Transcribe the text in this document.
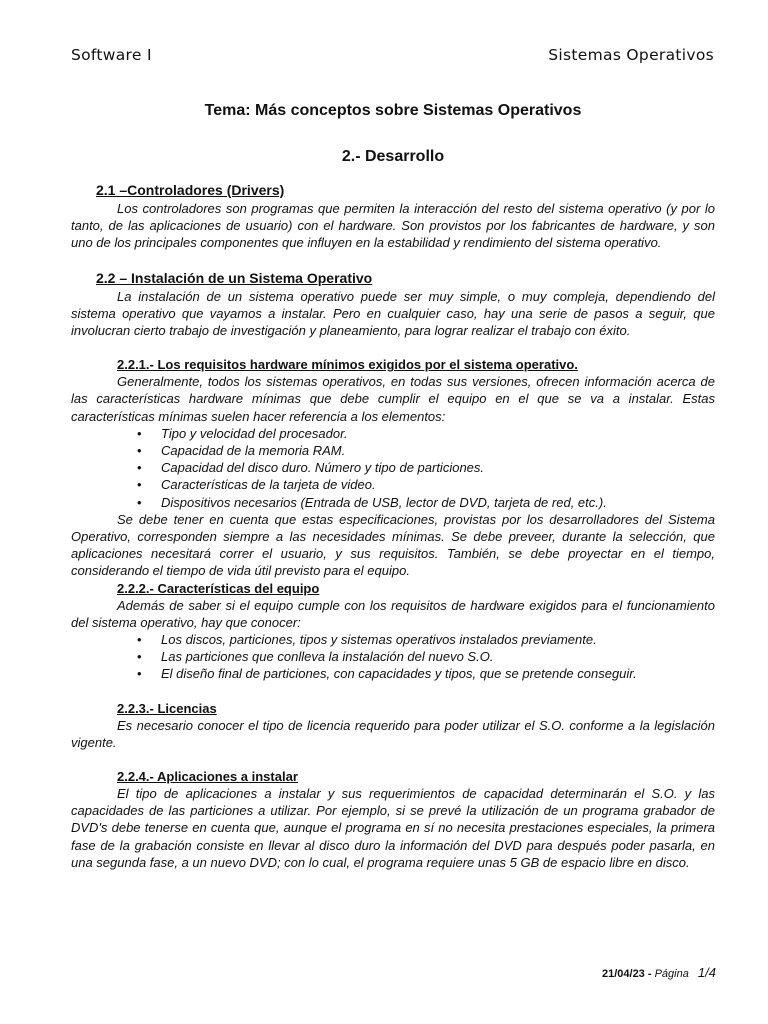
Software I	Sistemas Operativos
Tema: Más conceptos sobre Sistemas Operativos
2.- Desarrollo
2.1 –Controladores (Drivers)

Los controladores son programas que permiten la interacción del resto del sistema operativo (y por lo tanto, de las aplicaciones de usuario) con el hardware. Son provistos por los fabricantes de hardware, y son uno de los principales componentes que influyen en la estabilidad y rendimiento del sistema operativo.

2.2 – Instalación de un Sistema Operativo

La instalación de un sistema operativo puede ser muy simple, o muy compleja, dependiendo del sistema operativo que vayamos a instalar. Pero en cualquier caso, hay una serie de pasos a seguir, que involucran cierto trabajo de investigación y planeamiento, para lograr realizar el trabajo con éxito.

2.2.1.- Los requisitos hardware mínimos exigidos por el sistema operativo.

Generalmente, todos los sistemas operativos, en todas sus versiones, ofrecen información acerca de las características hardware mínimas que debe cumplir el equipo en el que se va a instalar. Estas características mínimas suelen hacer referencia a los elementos:

• Tipo y velocidad del procesador.
• Capacidad de la memoria RAM.
• Capacidad del disco duro. Número y tipo de particiones.
• Características de la tarjeta de video.
• Dispositivos necesarios (Entrada de USB, lector de DVD, tarjeta de red, etc.).

Se debe tener en cuenta que estas especificaciones, provistas por los desarrolladores del Sistema Operativo, corresponden siempre a las necesidades mínimas. Se debe preveer, durante la selección, que aplicaciones necesitará correr el usuario, y sus requisitos. También, se debe proyectar en el tiempo, considerando el tiempo de vida útil previsto para el equipo.

2.2.2.- Características del equipo

Además de saber si el equipo cumple con los requisitos de hardware exigidos para el funcionamiento del sistema operativo, hay que conocer:

• Los discos, particiones, tipos y sistemas operativos instalados previamente.
• Las particiones que conlleva la instalación del nuevo S.O.
• El diseño final de particiones, con capacidades y tipos, que se pretende conseguir.
2.2.3.- Licencias

Es necesario conocer el tipo de licencia requerido para poder utilizar el S.O. conforme a la legislación vigente.

2.2.4.- Aplicaciones a instalar

El tipo de aplicaciones a instalar y sus requerimientos de capacidad determinarán el S.O. y las capacidades de las particiones a utilizar. Por ejemplo, si se prevé la utilización de un programa grabador de DVD's debe tenerse en cuenta que, aunque el programa en sí no necesita prestaciones especiales, la primera fase de la grabación consiste en llevar al disco duro la información del DVD para después poder pasarla, en una segunda fase, a un nuevo DVD; con lo cual, el programa requiere unas 5 GB de espacio libre en disco.

21/04/23 - Página 1/4
